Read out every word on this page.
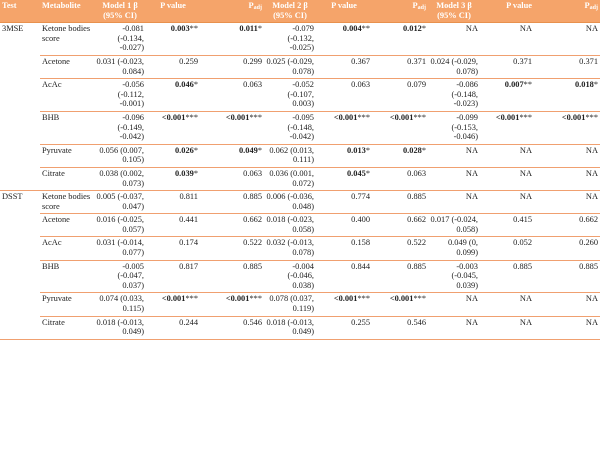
Test	Metabolite	Model 1 β (95% CI)	P value	Padj	Model 2 β (95% CI)	P value	Padj	Model 3 β (95% CI)	P value	Padj
3MSE	Ketone bodies score	-0.081 (-0.134, -0.027)	0.003**	0.011*	-0.079 (-0.132, -0.025)	0.004**	0.012*	NA	NA	NA
	Acetone	0.031 (-0.023, 0.084)	0.259	0.299	0.025 (-0.029, 0.078)	0.367	0.371	0.024 (-0.029, 0.078)	0.371	0.371
	AcAc	-0.056 (-0.112, -0.001)	0.046*	0.063	-0.052 (-0.107, 0.003)	0.063	0.079	-0.086 (-0.148, -0.023)	0.007**	0.018*
	BHB	-0.096 (-0.149, -0.042)	<0.001***	<0.001***	-0.095 (-0.148, -0.042)	<0.001***	<0.001***	-0.099 (-0.153, -0.046)	<0.001***	<0.001***
	Pyruvate	0.056 (0.007, 0.105)	0.026*	0.049*	0.062 (0.013, 0.111)	0.013*	0.028*	NA	NA	NA
	Citrate	0.038 (0.002, 0.073)	0.039*	0.063	0.036 (0.001, 0.072)	0.045*	0.063	NA	NA	NA
DSST	Ketone bodies score	0.005 (-0.037, 0.047)	0.811	0.885	0.006 (-0.036, 0.048)	0.774	0.885	NA	NA	NA
	Acetone	0.016 (-0.025, 0.057)	0.441	0.662	0.018 (-0.023, 0.058)	0.400	0.662	0.017 (-0.024, 0.058)	0.415	0.662
	AcAc	0.031 (-0.014, 0.077)	0.174	0.522	0.032 (-0.013, 0.078)	0.158	0.522	0.049 (0, 0.099)	0.052	0.260
	BHB	-0.005 (-0.047, 0.037)	0.817	0.885	-0.004 (-0.046, 0.038)	0.844	0.885	-0.003 (-0.045, 0.039)	0.885	0.885
	Pyruvate	0.074 (0.033, 0.115)	<0.001***	<0.001***	0.078 (0.037, 0.119)	<0.001***	<0.001***	NA	NA	NA
	Citrate	0.018 (-0.013, 0.049)	0.244	0.546	0.018 (-0.013, 0.049)	0.255	0.546	NA	NA	NA
